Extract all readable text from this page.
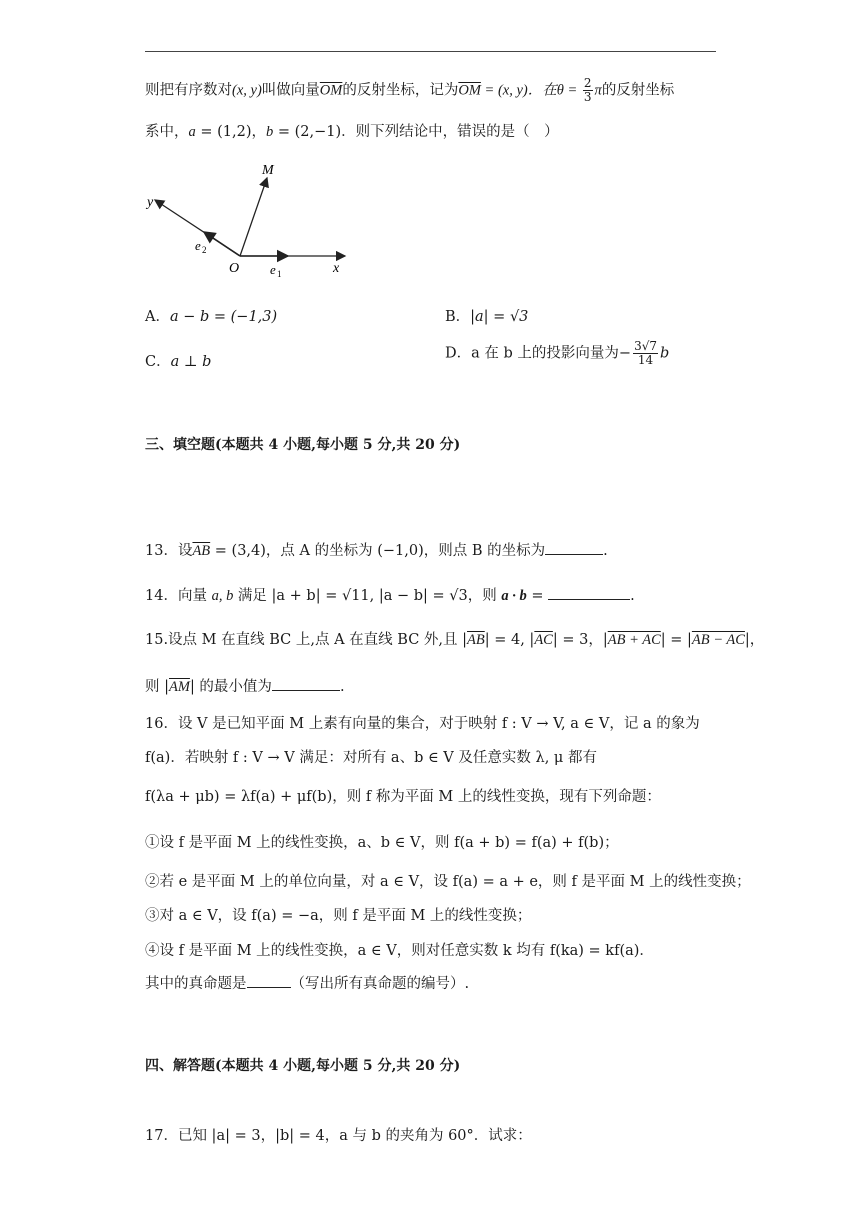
则把有序数对(x, y)叫做向量$\overline{OM}$的反射坐标，记为$\overline{OM} = (x$, y)．在$\theta = \frac{2}{3}$ π的反射坐标
系中，a = (1,2)，b = (2,−1)．则下列结论中，错误的是（　）
M
y
O	x
e 1
e 2
A．a − b = (−1,3)	B．|a| = √3
C．a ⊥ b
D．a 在 b 上的投影向量为− $\frac{3√7}{14}$ b
三、填空题(本题共 4 小题,每小题 5 分,共 20 分)
13．设$\overline{AB} = (3,4)$，点 A 的坐标为 (−1,0)，则点 B 的坐标为	.
14．向量 a, b 满足 |a + b| = √11, |a − b| = √3，则 a · b =	.
15.设点 M 在直线 BC 上,点 A 在直线 BC 外,且 $|\overline{AB}| = 4$, $|\overline{AC}| = 3$，|AB + AC| = |AB − AC|，
则 $|\overline{AM}|$ 的最小值为	.
16．设 V 是已知平面 M 上素有向量的集合，对于映射 f : V → V, a ∈ V，记 a 的象为
f(a)．若映射 f : V → V 满足：对所有 a、b ∈ V 及任意实数 λ, μ 都有
f(λa + μb) = λf(a) + μf(b)，则 f 称为平面 M 上的线性变换，现有下列命题：
①设 f 是平面 M 上的线性变换，a、b ∈ V，则 f(a + b) = f(a) + f(b)；
②若 e 是平面 M 上的单位向量，对 a ∈ V，设 f(a) = a + e，则 f 是平面 M 上的线性变换；
③对 a ∈ V，设 f(a) = −a，则 f 是平面 M 上的线性变换；
④设 f 是平面 M 上的线性变换，a ∈ V，则对任意实数 k 均有 f(ka) = kf(a)．
其中的真命题是	（写出所有真命题的编号）.
四、解答题(本题共 4 小题,每小题 5 分,共 20 分)
17．已知 |a| = 3，|b| = 4，a 与 b 的夹角为 60°．试求：
